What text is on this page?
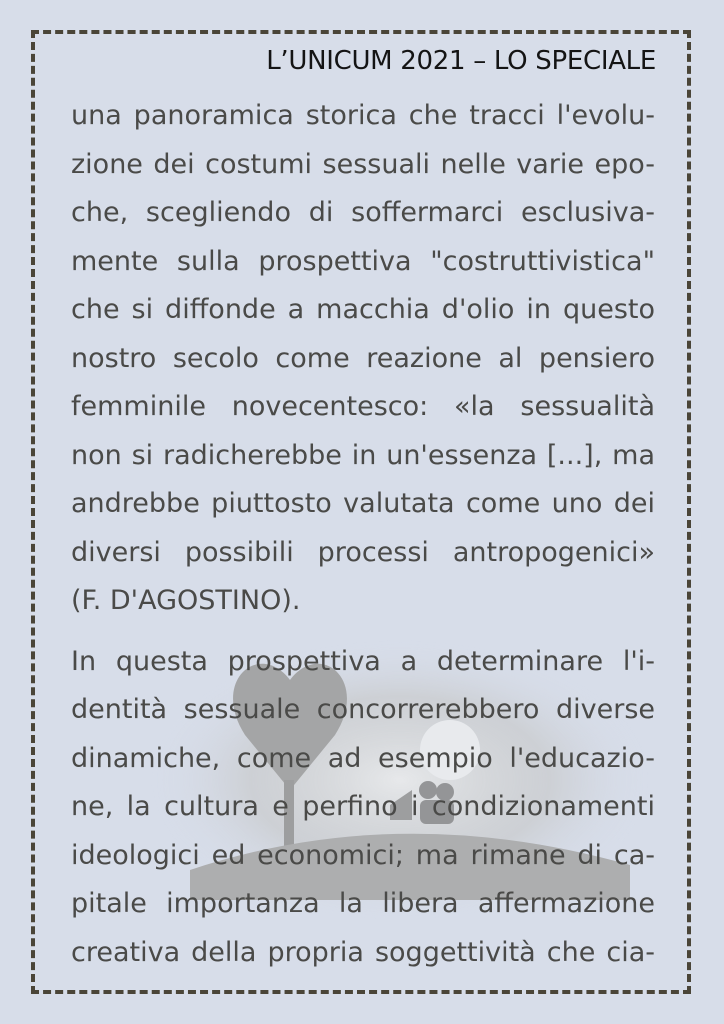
L’UNICUM 2021 – LO SPECIALE
una panoramica storica che tracci l'evolu-
zione dei costumi sessuali nelle varie epo-
che, scegliendo di soffermarci esclusiva-
mente sulla prospettiva "costruttivistica"
che si diffonde a macchia d'olio in questo
nostro secolo come reazione al pensiero
femminile novecentesco: «la sessualità
non si radicherebbe in un'essenza [...], ma
andrebbe piuttosto valutata come uno dei
diversi possibili processi antropogenici»
(F. D'AGOSTINO).
In questa prospettiva a determinare l'i-
dentità sessuale concorrerebbero diverse
dinamiche, come ad esempio l'educazio-
ne, la cultura e perfino i condizionamenti
ideologici ed economici; ma rimane di ca-
pitale importanza la libera affermazione
creativa della propria soggettività che cia-
